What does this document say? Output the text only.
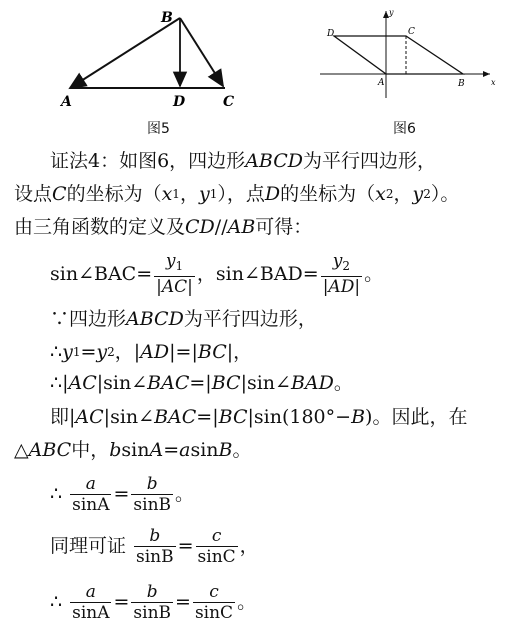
B
A	D	C
图5
D	C
A	B	x
y
图6
证法4：如图6，四边形 ABCD 为平行四边形，
设点 C 的坐标为（ x 1 ， y 1 ），点 D 的坐标为（ x 2 ， y 2 ）。
由三角函数的定义及 CD // AB 可得：
sin∠BAC= $\frac{y_1}{|AC|}$ ，sin∠BAD= $\frac{y_2}{|AD|}$ 。
∵四边形 ABCD 为平行四边形，
∴ y 1 = y 2 ，| AD |=| BC |，
∴| AC |sin∠ BAC =| BC |sin∠ BAD 。
即| AC |sin∠ BAC =| BC |sin(180°− B )。因此，在
△ ABC 中， b sin A = a sin B 。
∴ $\frac{a}{\sin A} = \frac{b}{\sin B}$ 。
同理可证 $\frac{b}{\sin B} = \frac{c}{\sin C}$ ，
∴ $\frac{a}{\sin A} = \frac{b}{\sin B} = \frac{c}{\sin C}$ 。
